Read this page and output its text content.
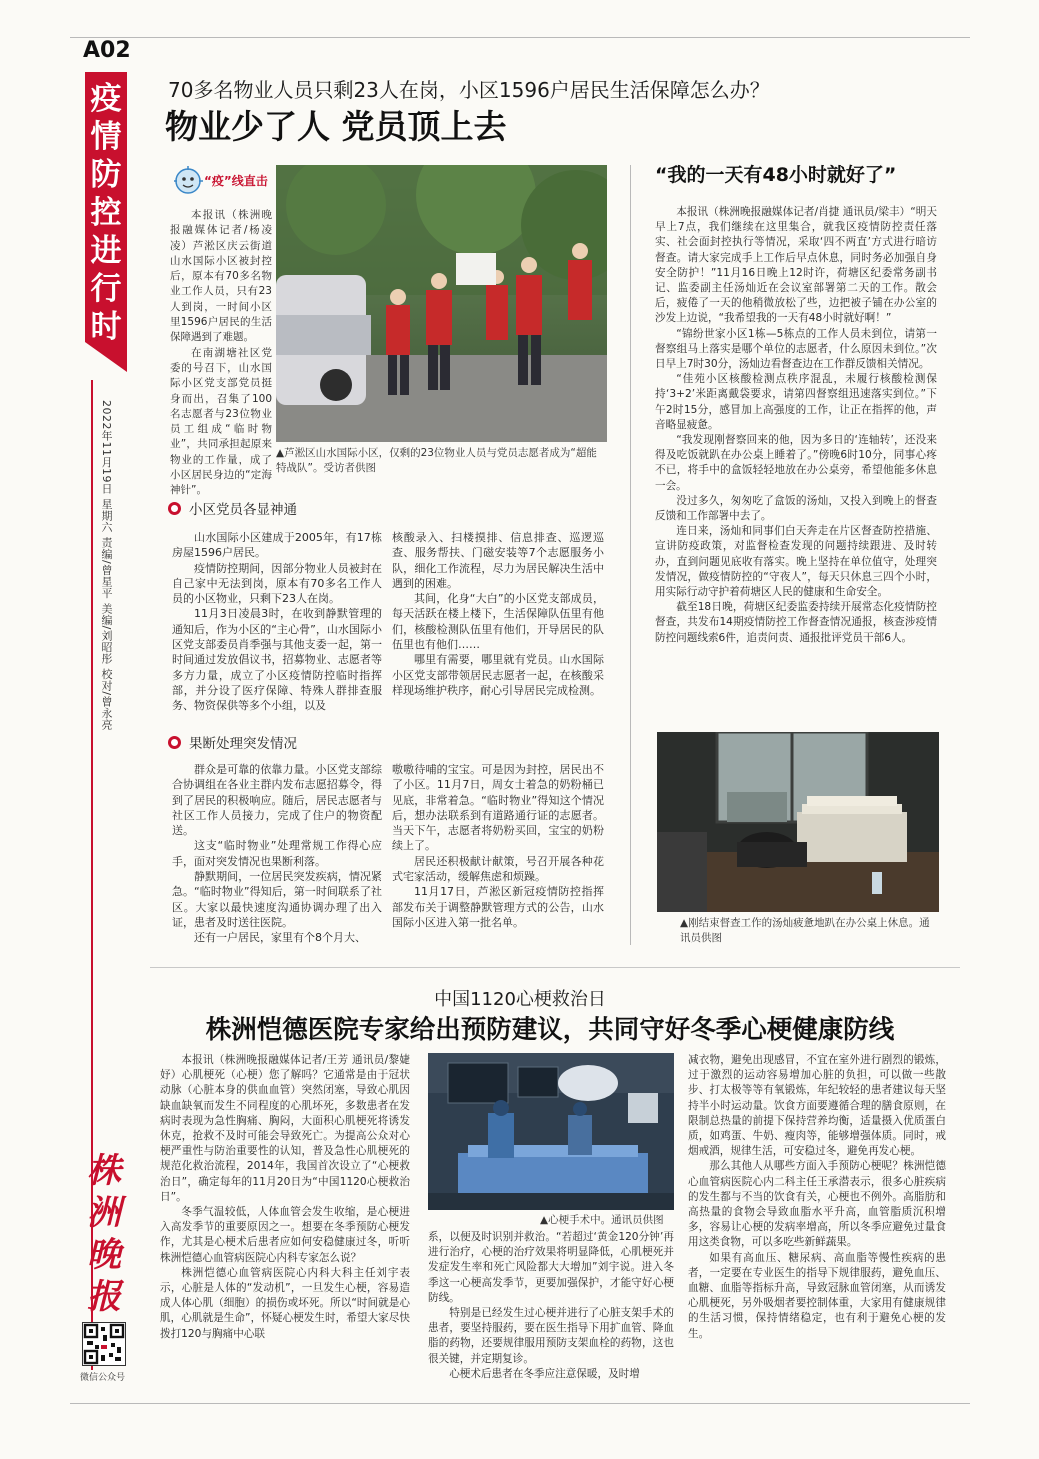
A02
疫情防控进行时
2022年11月19日 星期六 责编/曾星平 美编/刘昭彤 校对/曾永亮
株洲晚报
微信公众号
70多名物业人员只剩23人在岗，小区1596户居民生活保障怎么办？
物业少了人 党员顶上去
“疫”线直击

本报讯（株洲晚报融媒体记者/杨凌凌）芦淞区庆云街道山水国际小区被封控后，原本有70多名物业工作人员，只有23人到岗，一时间小区里1596户居民的生活保障遇到了难题。

在南湖塘社区党委的号召下，山水国际小区党支部党员挺身而出，召集了100名志愿者与23位物业员工组成“临时物业”，共同承担起原来物业的工作量，成了小区居民身边的“定海神针”。

▲芦淞区山水国际小区，仅剩的23位物业人员与党员志愿者成为“超能特战队”。受访者供图
小区党员各显神通

山水国际小区建成于2005年，有17栋房屋1596户居民。

疫情防控期间，因部分物业人员被封在自己家中无法到岗，原本有70多名工作人员的小区物业，只剩下23人在岗。

11月3日凌晨3时，在收到静默管理的通知后，作为小区的“主心骨”，山水国际小区党支部委员肖季强与其他支委一起，第一时间通过发放倡议书，招募物业、志愿者等多方力量，成立了小区疫情防控临时指挥部，并分设了医疗保障、特殊人群排查服务、物资保供等多个小组，以及

核酸录入、扫楼摸排、信息排查、巡逻巡查、服务帮扶、门磁安装等7个志愿服务小队，细化工作流程，尽力为居民解决生活中遇到的困难。

其间，化身“大白”的小区党支部成员，每天活跃在楼上楼下，生活保障队伍里有他们，核酸检测队伍里有他们，开导居民的队伍里也有他们……

哪里有需要，哪里就有党员。山水国际小区党支部带领居民志愿者一起，在核酸采样现场维护秩序，耐心引导居民完成检测。

果断处理突发情况

群众是可靠的依靠力量。小区党支部综合协调组在各业主群内发布志愿招募令，得到了居民的积极响应。随后，居民志愿者与社区工作人员接力，完成了住户的物资配送。

这支“临时物业”处理常规工作得心应手，面对突发情况也果断利落。

静默期间，一位居民突发疾病，情况紧急。“临时物业”得知后，第一时间联系了社区。大家以最快速度沟通协调办理了出入证，患者及时送往医院。

还有一户居民，家里有个8个月大、

嗷嗷待哺的宝宝。可是因为封控，居民出不了小区。11月7日，周女士着急的奶粉桶已见底，非常着急。“临时物业”得知这个情况后，想办法联系到有道路通行证的志愿者。当天下午，志愿者将奶粉买回，宝宝的奶粉续上了。

居民还积极献计献策，号召开展各种花式宅家活动，缓解焦虑和烦躁。

11月17日，芦淞区新冠疫情防控指挥部发布关于调整静默管理方式的公告，山水国际小区进入第一批名单。

“我的一天有48小时就好了”

本报讯（株洲晚报融媒体记者/肖捷 通讯员/梁丰）“明天早上7点，我们继续在这里集合，就我区疫情防控责任落实、社会面封控执行等情况，采取‘四不两直’方式进行暗访督查。请大家完成手上工作后早点休息，同时务必加强自身安全防护！”11月16日晚上12时许，荷塘区纪委常务副书记、监委副主任汤灿近在会议室部署第二天的工作。散会后，疲倦了一天的他稍微放松了些，边把被子铺在办公室的沙发上边说，“我希望我的一天有48小时就好啊！”

“锦纷世家小区1栋—5栋点的工作人员未到位，请第一督察组马上落实是哪个单位的志愿者，什么原因未到位。”次日早上7时30分，汤灿边看督查边在工作群反馈相关情况。

“佳苑小区核酸检测点秩序混乱，未履行核酸检测保持‘3+2’米距离戴袋要求，请第四督察组迅速落实到位。”下午2时15分，感冒加上高强度的工作，让正在指挥的他，声音略显疲惫。

“我发现刚督察回来的他，因为多日的‘连轴转’，还没来得及吃饭就趴在办公桌上睡着了。”傍晚6时10分，同事心疼不已，将手中的盒饭轻轻地放在办公桌旁，希望他能多休息一会。

没过多久，匆匆吃了盒饭的汤灿，又投入到晚上的督查反馈和工作部署中去了。

连日来，汤灿和同事们白天奔走在片区督查防控措施、宣讲防疫政策，对监督检查发现的问题持续跟进、及时转办，直到问题见底收有落实。晚上坚持在单位值守，处理突发情况，做疫情防控的“守夜人”，每天只休息三四个小时，用实际行动守护着荷塘区人民的健康和生命安全。

截至18日晚，荷塘区纪委监委持续开展常态化疫情防控督查，共发布14期疫情防控工作督查情况通报，核查涉疫情防控问题线索6件，追责问责、通报批评党员干部6人。

▲刚结束督查工作的汤灿疲惫地趴在办公桌上休息。通讯员供图
中国1120心梗救治日
株洲恺德医院专家给出预防建议，共同守好冬季心梗健康防线

本报讯（株洲晚报融媒体记者/王芳 通讯员/黎婕妤）心肌梗死（心梗）您了解吗？它通常是由于冠状动脉（心脏本身的供血血管）突然闭塞，导致心肌因缺血缺氧而发生不同程度的心肌坏死，多数患者在发病时表现为急性胸痛、胸闷，大面积心肌梗死将诱发休克，抢救不及时可能会导致死亡。为提高公众对心梗严重性与防治重要性的认知，普及急性心肌梗死的规范化救治流程，2014年，我国首次设立了“心梗救治日”，确定每年的11月20日为“中国1120心梗救治日”。

冬季气温较低，人体血管会发生收缩，是心梗进入高发季节的重要原因之一。想要在冬季预防心梗发作，尤其是心梗术后患者应如何安稳健康过冬，听听株洲恺德心血管病医院心内科专家怎么说？

株洲恺德心血管病医院心内科大科主任刘宇表示，心脏是人体的“发动机”，一旦发生心梗，容易造成人体心肌（细胞）的损伤或坏死。所以“时间就是心肌，心肌就是生命”，怀疑心梗发生时，希望大家尽快拨打120与胸痛中心联

▲心梗手术中。通讯员供图

系，以便及时识别并救治。“若超过‘黄金120分钟’再进行治疗，心梗的治疗效果将明显降低，心肌梗死并发症发生率和死亡风险都大大增加”刘宇说。进入冬季这一心梗高发季节，更要加强保护，才能守好心梗防线。

特别是已经发生过心梗并进行了心脏支架手术的患者，要坚持服药，要在医生指导下用扩血管、降血脂的药物，还要规律服用预防支架血栓的药物，这也很关键，并定期复诊。

心梗术后患者在冬季应注意保暖，及时增

减衣物，避免出现感冒，不宜在室外进行剧烈的锻炼，过于激烈的运动容易增加心脏的负担，可以做一些散步、打太极等等有氧锻炼，年纪较轻的患者建议每天坚持半小时运动量。饮食方面要遵循合理的膳食原则，在限制总热量的前提下保持营养均衡，适量摄入优质蛋白质，如鸡蛋、牛奶、瘦肉等，能够增强体质。同时，戒烟戒酒，规律生活，可安稳过冬，避免再发心梗。

那么其他人从哪些方面入手预防心梗呢？株洲恺德心血管病医院心内二科主任王承潜表示，很多心脏疾病的发生都与不当的饮食有关，心梗也不例外。高脂肪和高热量的食物会导致血脂水平升高，血管脂质沉积增多，容易让心梗的发病率增高，所以冬季应避免过量食用这类食物，可以多吃些新鲜蔬果。

如果有高血压、糖尿病、高血脂等慢性疾病的患者，一定要在专业医生的指导下规律服药，避免血压、血糖、血脂等指标升高，导致冠脉血管闭塞，从而诱发心肌梗死，另外吸烟者要控制体重，大家用有健康规律的生活习惯，保持情绪稳定，也有利于避免心梗的发生。
